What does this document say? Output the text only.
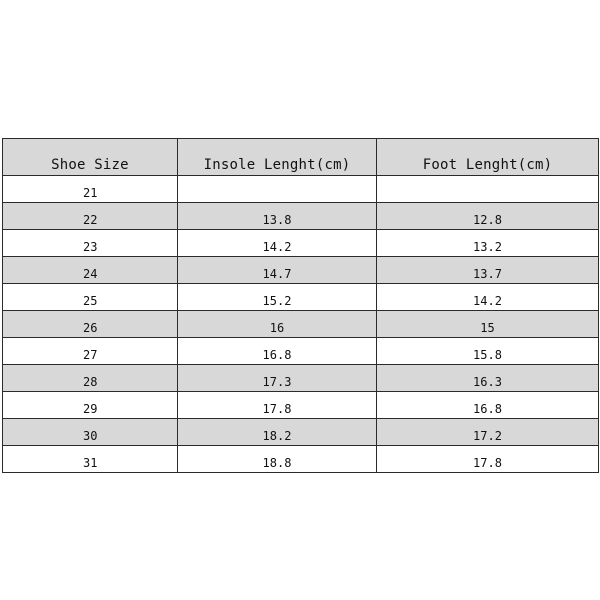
Shoe Size	Insole Lenght(cm)	Foot Lenght(cm)
21		
22	13.8	12.8
23	14.2	13.2
24	14.7	13.7
25	15.2	14.2
26	16	15
27	16.8	15.8
28	17.3	16.3
29	17.8	16.8
30	18.2	17.2
31	18.8	17.8
